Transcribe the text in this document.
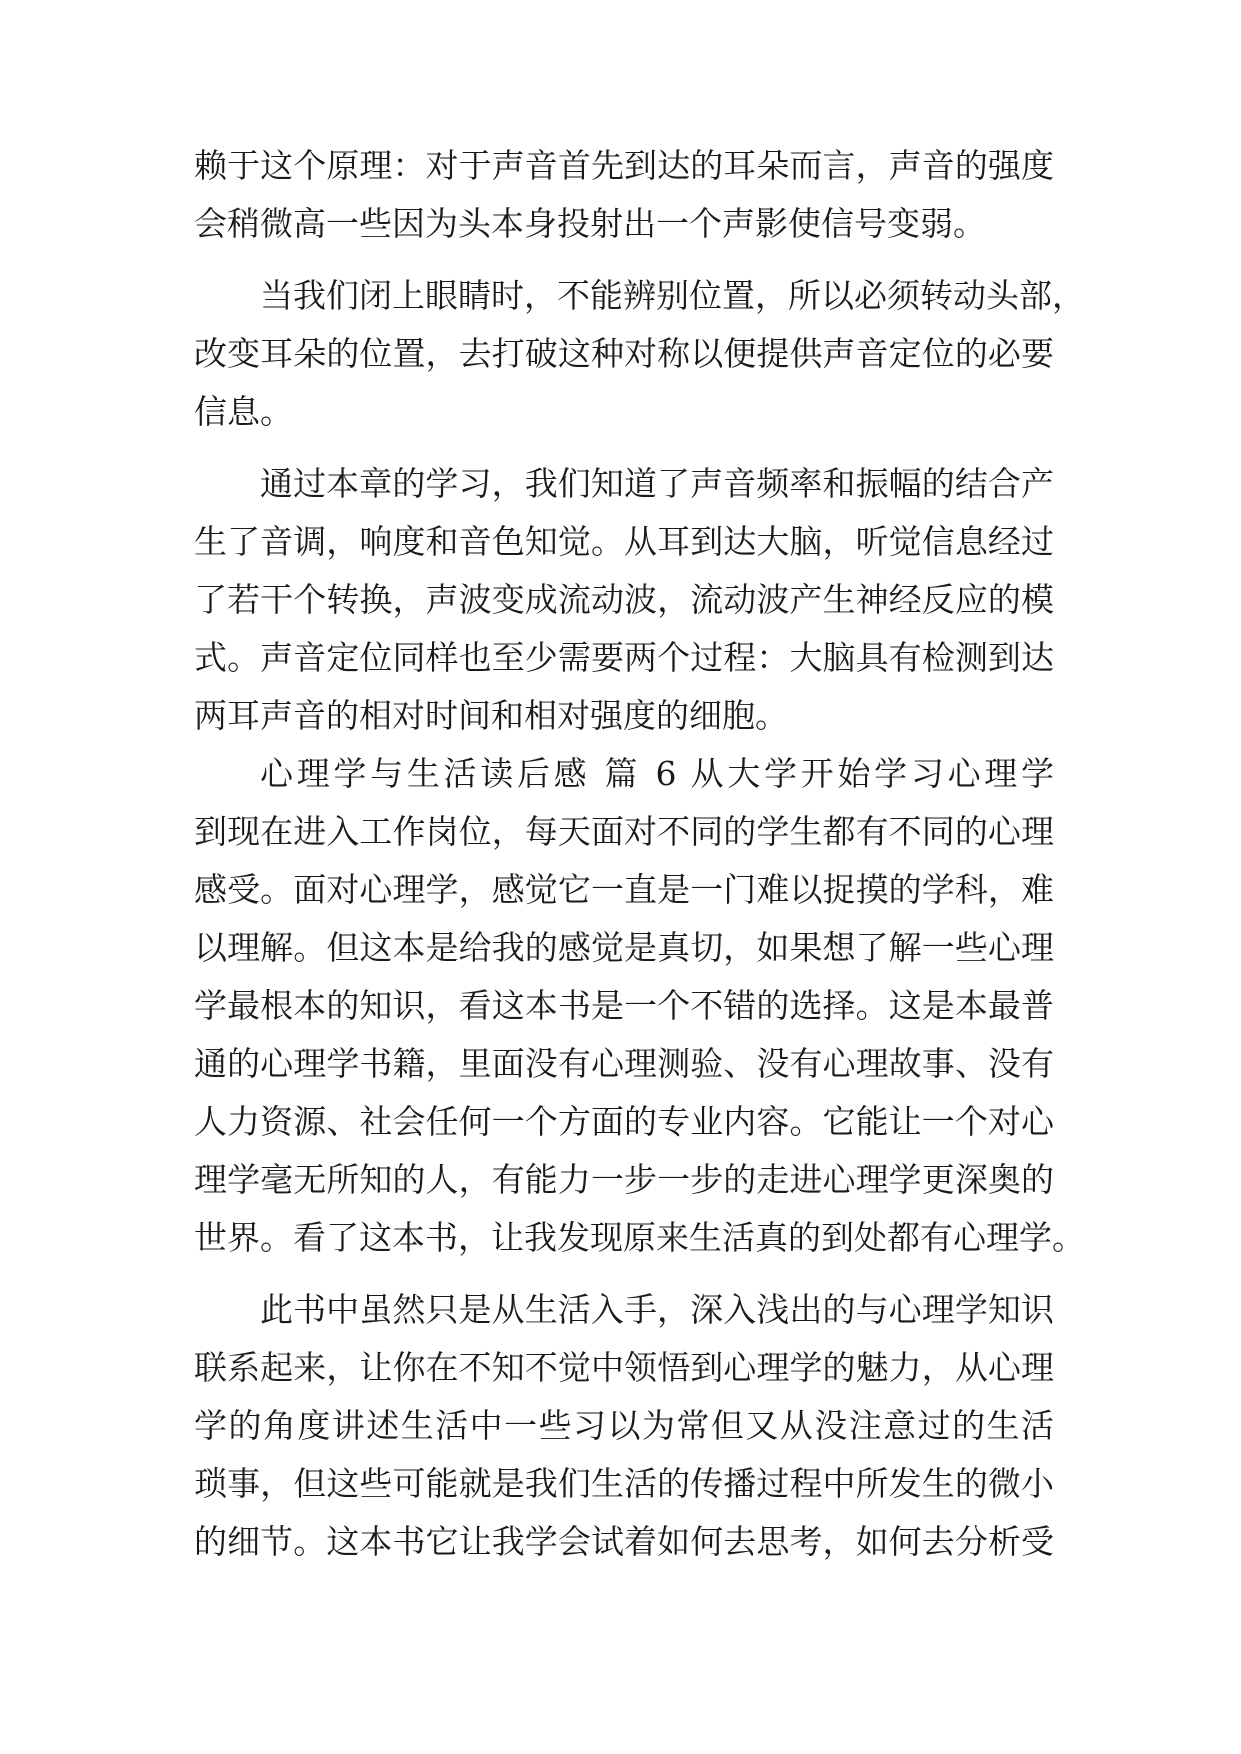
赖于这个原理：对于声音首先到达的耳朵而言，声音的强度
会稍微高一些因为头本身投射出一个声影使信号变弱。
当我们闭上眼睛时，不能辨别位置，所以必须转动头部，
改变耳朵的位置，去打破这种对称以便提供声音定位的必要
信息。
通过本章的学习，我们知道了声音频率和振幅的结合产
生了音调，响度和音色知觉。从耳到达大脑，听觉信息经过
了若干个转换，声波变成流动波，流动波产生神经反应的模
式。声音定位同样也至少需要两个过程：大脑具有检测到达
两耳声音的相对时间和相对强度的细胞。
心理学与生活读后感 篇 6 从大学开始学习心理学
到现在进入工作岗位，每天面对不同的学生都有不同的心理
感受。面对心理学，感觉它一直是一门难以捉摸的学科，难
以理解。但这本是给我的感觉是真切，如果想了解一些心理
学最根本的知识，看这本书是一个不错的选择。这是本最普
通的心理学书籍，里面没有心理测验、没有心理故事、没有
人力资源、社会任何一个方面的专业内容。它能让一个对心
理学毫无所知的人，有能力一步一步的走进心理学更深奥的
世界。看了这本书，让我发现原来生活真的到处都有心理学。
此书中虽然只是从生活入手，深入浅出的与心理学知识
联系起来，让你在不知不觉中领悟到心理学的魅力，从心理
学的角度讲述生活中一些习以为常但又从没注意过的生活
琐事，但这些可能就是我们生活的传播过程中所发生的微小
的细节。这本书它让我学会试着如何去思考，如何去分析受
